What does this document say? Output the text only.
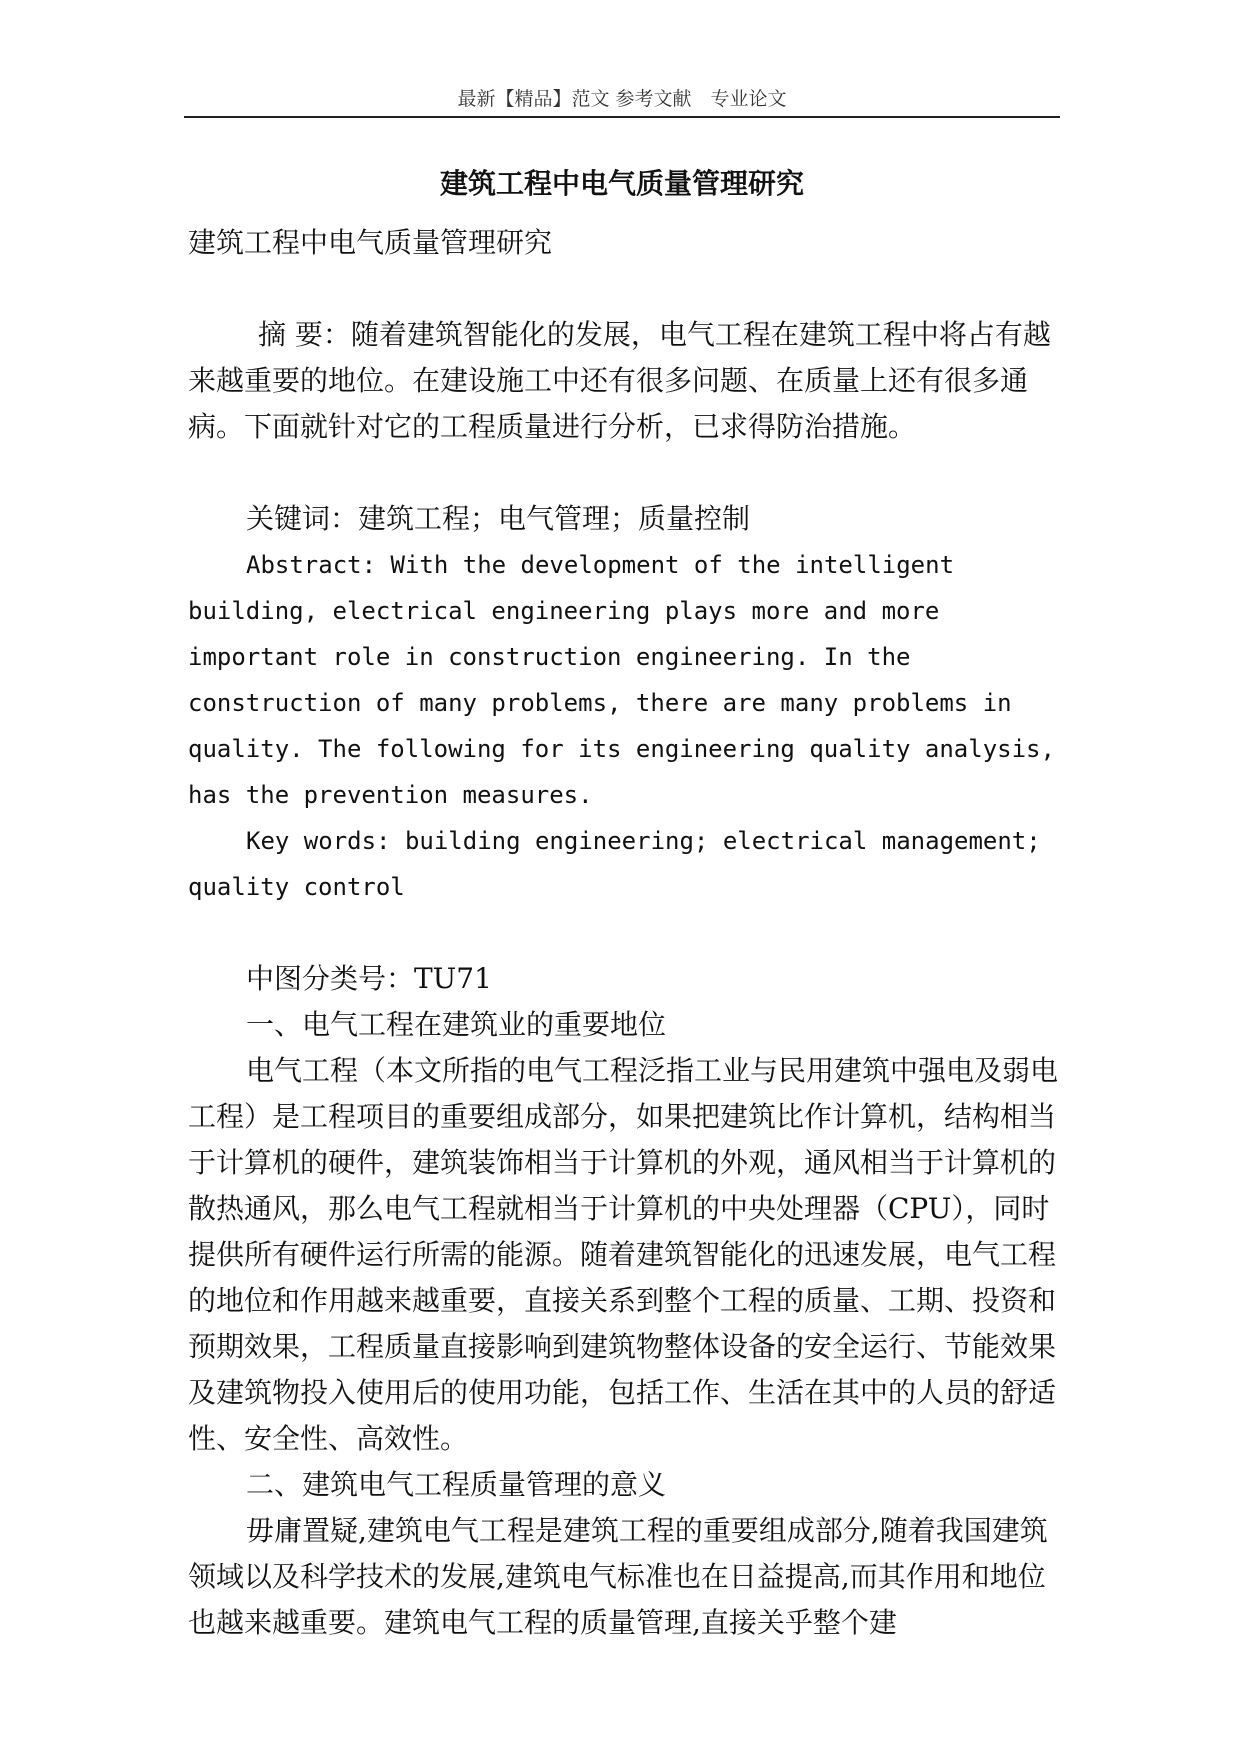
最新【精品】范文 参考文献　专业论文
建筑工程中电气质量管理研究

建筑工程中电气质量管理研究

摘 要：随着建筑智能化的发展，电气工程在建筑工程中将占有越来越重要的地位。在建设施工中还有很多问题、在质量上还有很多通病。下面就针对它的工程质量进行分析，已求得防治措施。

关键词：建筑工程；电气管理；质量控制

Abstract: With the development of the intelligent building, electrical engineering plays more and more important role in construction engineering. In the construction of many problems, there are many problems in quality. The following for its engineering quality analysis, has the prevention measures.

Key words: building engineering; electrical management; quality control

中图分类号：TU71

一、电气工程在建筑业的重要地位

电气工程（本文所指的电气工程泛指工业与民用建筑中强电及弱电工程）是工程项目的重要组成部分，如果把建筑比作计算机，结构相当于计算机的硬件，建筑装饰相当于计算机的外观，通风相当于计算机的散热通风，那么电气工程就相当于计算机的中央处理器（CPU），同时提供所有硬件运行所需的能源。随着建筑智能化的迅速发展，电气工程的地位和作用越来越重要，直接关系到整个工程的质量、工期、投资和预期效果，工程质量直接影响到建筑物整体设备的安全运行、节能效果及建筑物投入使用后的使用功能，包括工作、生活在其中的人员的舒适性、安全性、高效性。

二、建筑电气工程质量管理的意义

毋庸置疑,建筑电气工程是建筑工程的重要组成部分,随着我国建筑领域以及科学技术的发展,建筑电气标准也在日益提高,而其作用和地位也越来越重要。建筑电气工程的质量管理,直接关乎整个建
